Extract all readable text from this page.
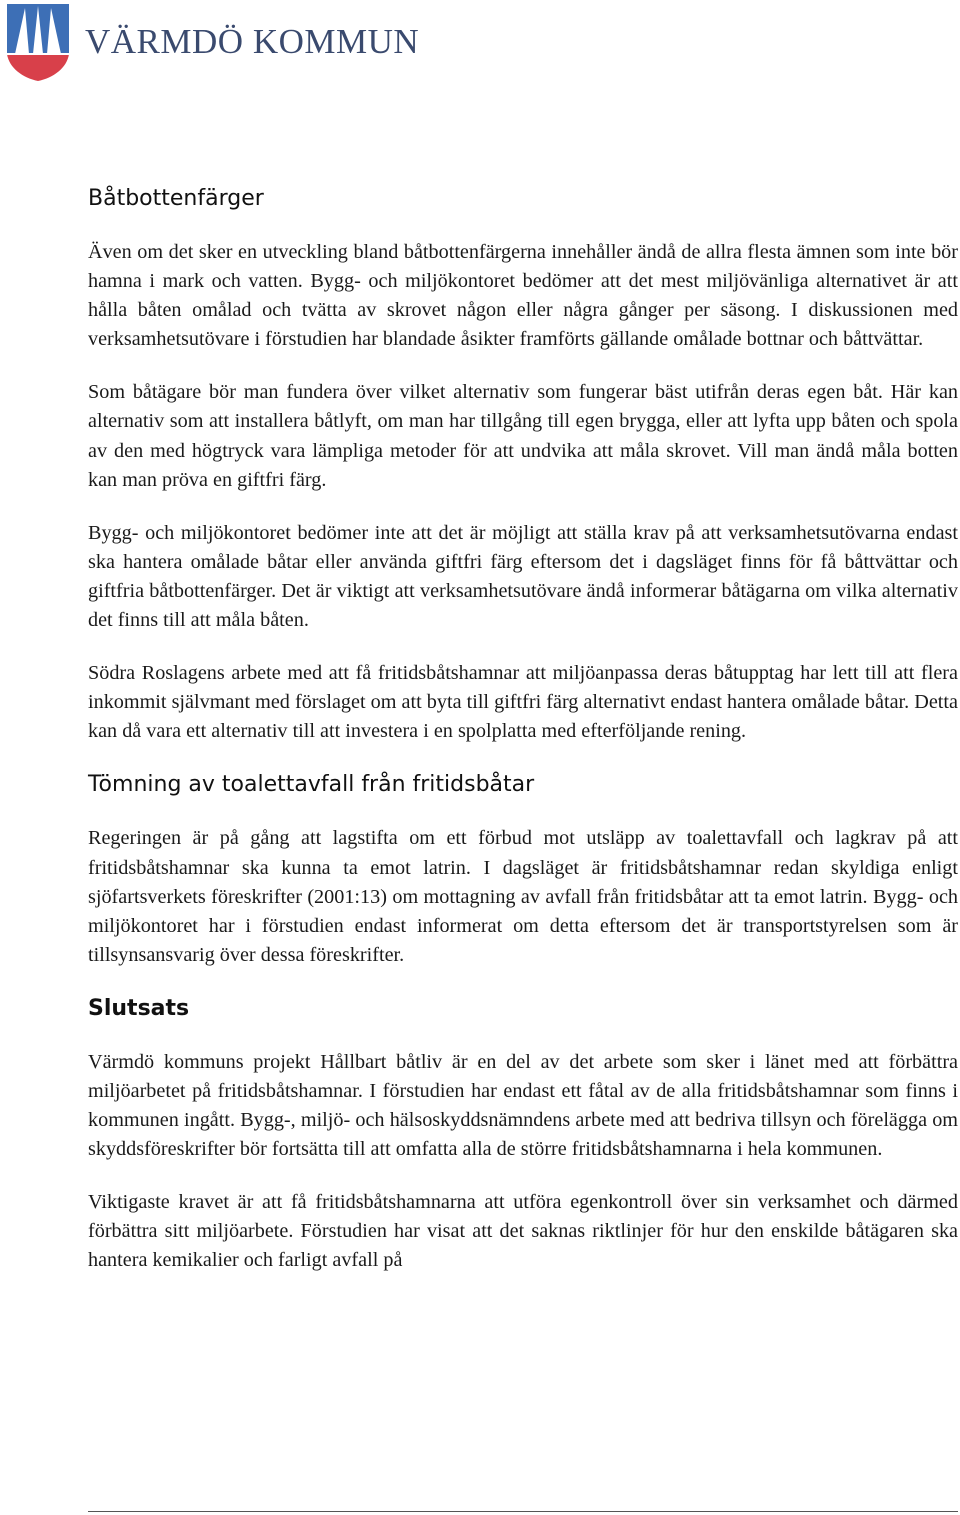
VÄRMDÖ KOMMUN
Båtbottenfärger

Även om det sker en utveckling bland båtbottenfärgerna innehåller ändå de allra flesta ämnen som inte bör hamna i mark och vatten. Bygg- och miljökontoret bedömer att det mest miljövänliga alternativet är att hålla båten omålad och tvätta av skrovet någon eller några gånger per säsong. I diskussionen med verksamhetsutövare i förstudien har blandade åsikter framförts gällande omålade bottnar och båttvättar.

Som båtägare bör man fundera över vilket alternativ som fungerar bäst utifrån deras egen båt. Här kan alternativ som att installera båtlyft, om man har tillgång till egen brygga, eller att lyfta upp båten och spola av den med högtryck vara lämpliga metoder för att undvika att måla skrovet. Vill man ändå måla botten kan man pröva en giftfri färg.

Bygg- och miljökontoret bedömer inte att det är möjligt att ställa krav på att verksamhetsutövarna endast ska hantera omålade båtar eller använda giftfri färg eftersom det i dagsläget finns för få båttvättar och giftfria båtbottenfärger. Det är viktigt att verksamhetsutövare ändå informerar båtägarna om vilka alternativ det finns till att måla båten.

Södra Roslagens arbete med att få fritidsbåtshamnar att miljöanpassa deras båtupptag har lett till att flera inkommit självmant med förslaget om att byta till giftfri färg alternativt endast hantera omålade båtar. Detta kan då vara ett alternativ till att investera i en spolplatta med efterföljande rening.

Tömning av toalettavfall från fritidsbåtar

Regeringen är på gång att lagstifta om ett förbud mot utsläpp av toalettavfall och lagkrav på att fritidsbåtshamnar ska kunna ta emot latrin. I dagsläget är fritidsbåtshamnar redan skyldiga enligt sjöfartsverkets föreskrifter (2001:13) om mottagning av avfall från fritidsbåtar att ta emot latrin. Bygg- och miljökontoret har i förstudien endast informerat om detta eftersom det är transportstyrelsen som är tillsynsansvarig över dessa föreskrifter.

Slutsats

Värmdö kommuns projekt Hållbart båtliv är en del av det arbete som sker i länet med att förbättra miljöarbetet på fritidsbåtshamnar. I förstudien har endast ett fåtal av de alla fritidsbåtshamnar som finns i kommunen ingått. Bygg-, miljö- och hälsoskyddsnämndens arbete med att bedriva tillsyn och förelägga om skyddsföreskrifter bör fortsätta till att omfatta alla de större fritidsbåtshamnarna i hela kommunen.

Viktigaste kravet är att få fritidsbåtshamnarna att utföra egenkontroll över sin verksamhet och därmed förbättra sitt miljöarbete. Förstudien har visat att det saknas riktlinjer för hur den enskilde båtägaren ska hantera kemikalier och farligt avfall på
